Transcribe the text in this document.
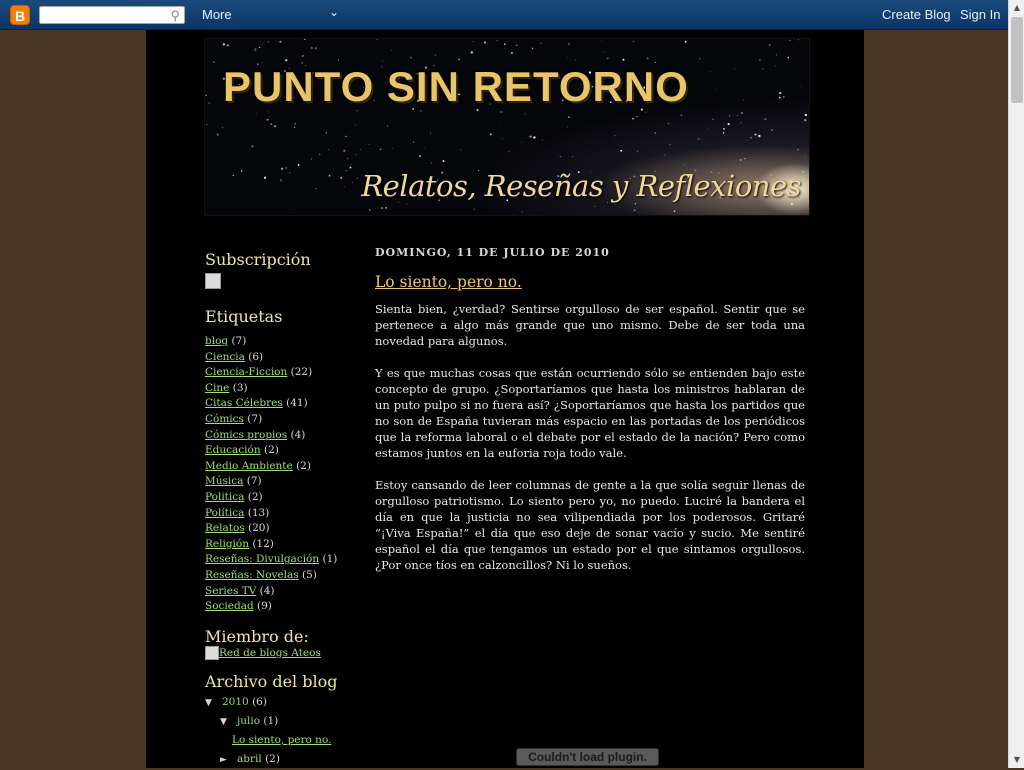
B	⚲ More	⌄	Create Blog Sign In	▲
▼
PUNTO SIN RETORNO
Relatos, Reseñas y Reflexiones
Subscripción
Etiquetas
blog (7)
Ciencia (6)
Ciencia-Ficcion (22)
Cine (3)
Citas Célebres (41)
Cómics (7)
Cómics propios (4)
Educación (2)
Medio Ambiente (2)
Música (7)
Politica (2)
Política (13)
Relatos (20)
Religión (12)
Reseñas: Divulgación (1)
Reseñas: Novelas (5)
Series TV (4)
Sociedad (9)
Miembro de:
Red de blogs Ateos
Archivo del blog
▼ 2010 (6)
▼ julio (1)
Lo siento, pero no.
► abril (2)
DOMINGO, 11 DE JULIO DE 2010
Lo siento, pero no.

Sienta bien, ¿verdad? Sentirse orgulloso de ser español. Sentir que se pertenece a algo más grande que uno mismo. Debe de ser toda una novedad para algunos.

Y es que muchas cosas que están ocurriendo sólo se entienden bajo este concepto de grupo. ¿Soportaríamos que hasta los ministros hablaran de un puto pulpo si no fuera así? ¿Soportaríamos que hasta los partidos que no son de España tuvieran más espacio en las portadas de los periódicos que la reforma laboral o el debate por el estado de la nación? Pero como estamos juntos en la euforia roja todo vale.

Estoy cansando de leer columnas de gente a la que solía seguir llenas de orgulloso patriotismo. Lo siento pero yo, no puedo. Luciré la bandera el día en que la justicia no sea vilipendiada por los poderosos. Gritaré “¡Viva España!” el día que eso deje de sonar vacío y sucio. Me sentiré español el día que tengamos un estado por el que sintamos orgullosos. ¿Por once tíos en calzoncillos? Ni lo sueños.

Couldn't load plugin.
